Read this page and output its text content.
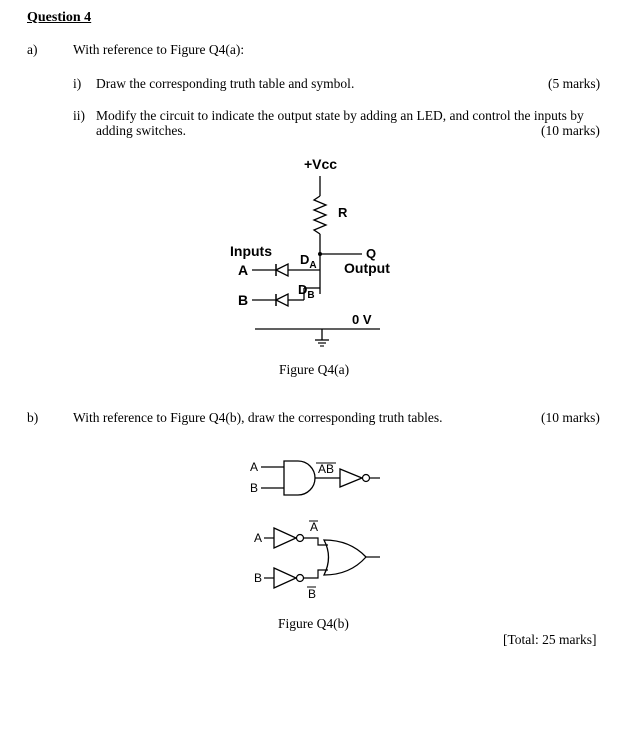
Question 4
a)	With reference to Figure Q4(a):
i) Draw the corresponding truth table and symbol.	(5 marks)
ii) Modify the circuit to indicate the output state by adding an LED, and control the inputs by
adding switches.	(10 marks)
b)	With reference to Figure Q4(b), draw the corresponding truth tables.	(10 marks)
[Total: 25 marks]
+Vcc
R
Q
Output
Inputs
A
$D_A$
B
$D_B$
0 V
Figure Q4(a)
A
B
AB
A
A
B
B
Figure Q4(b)
